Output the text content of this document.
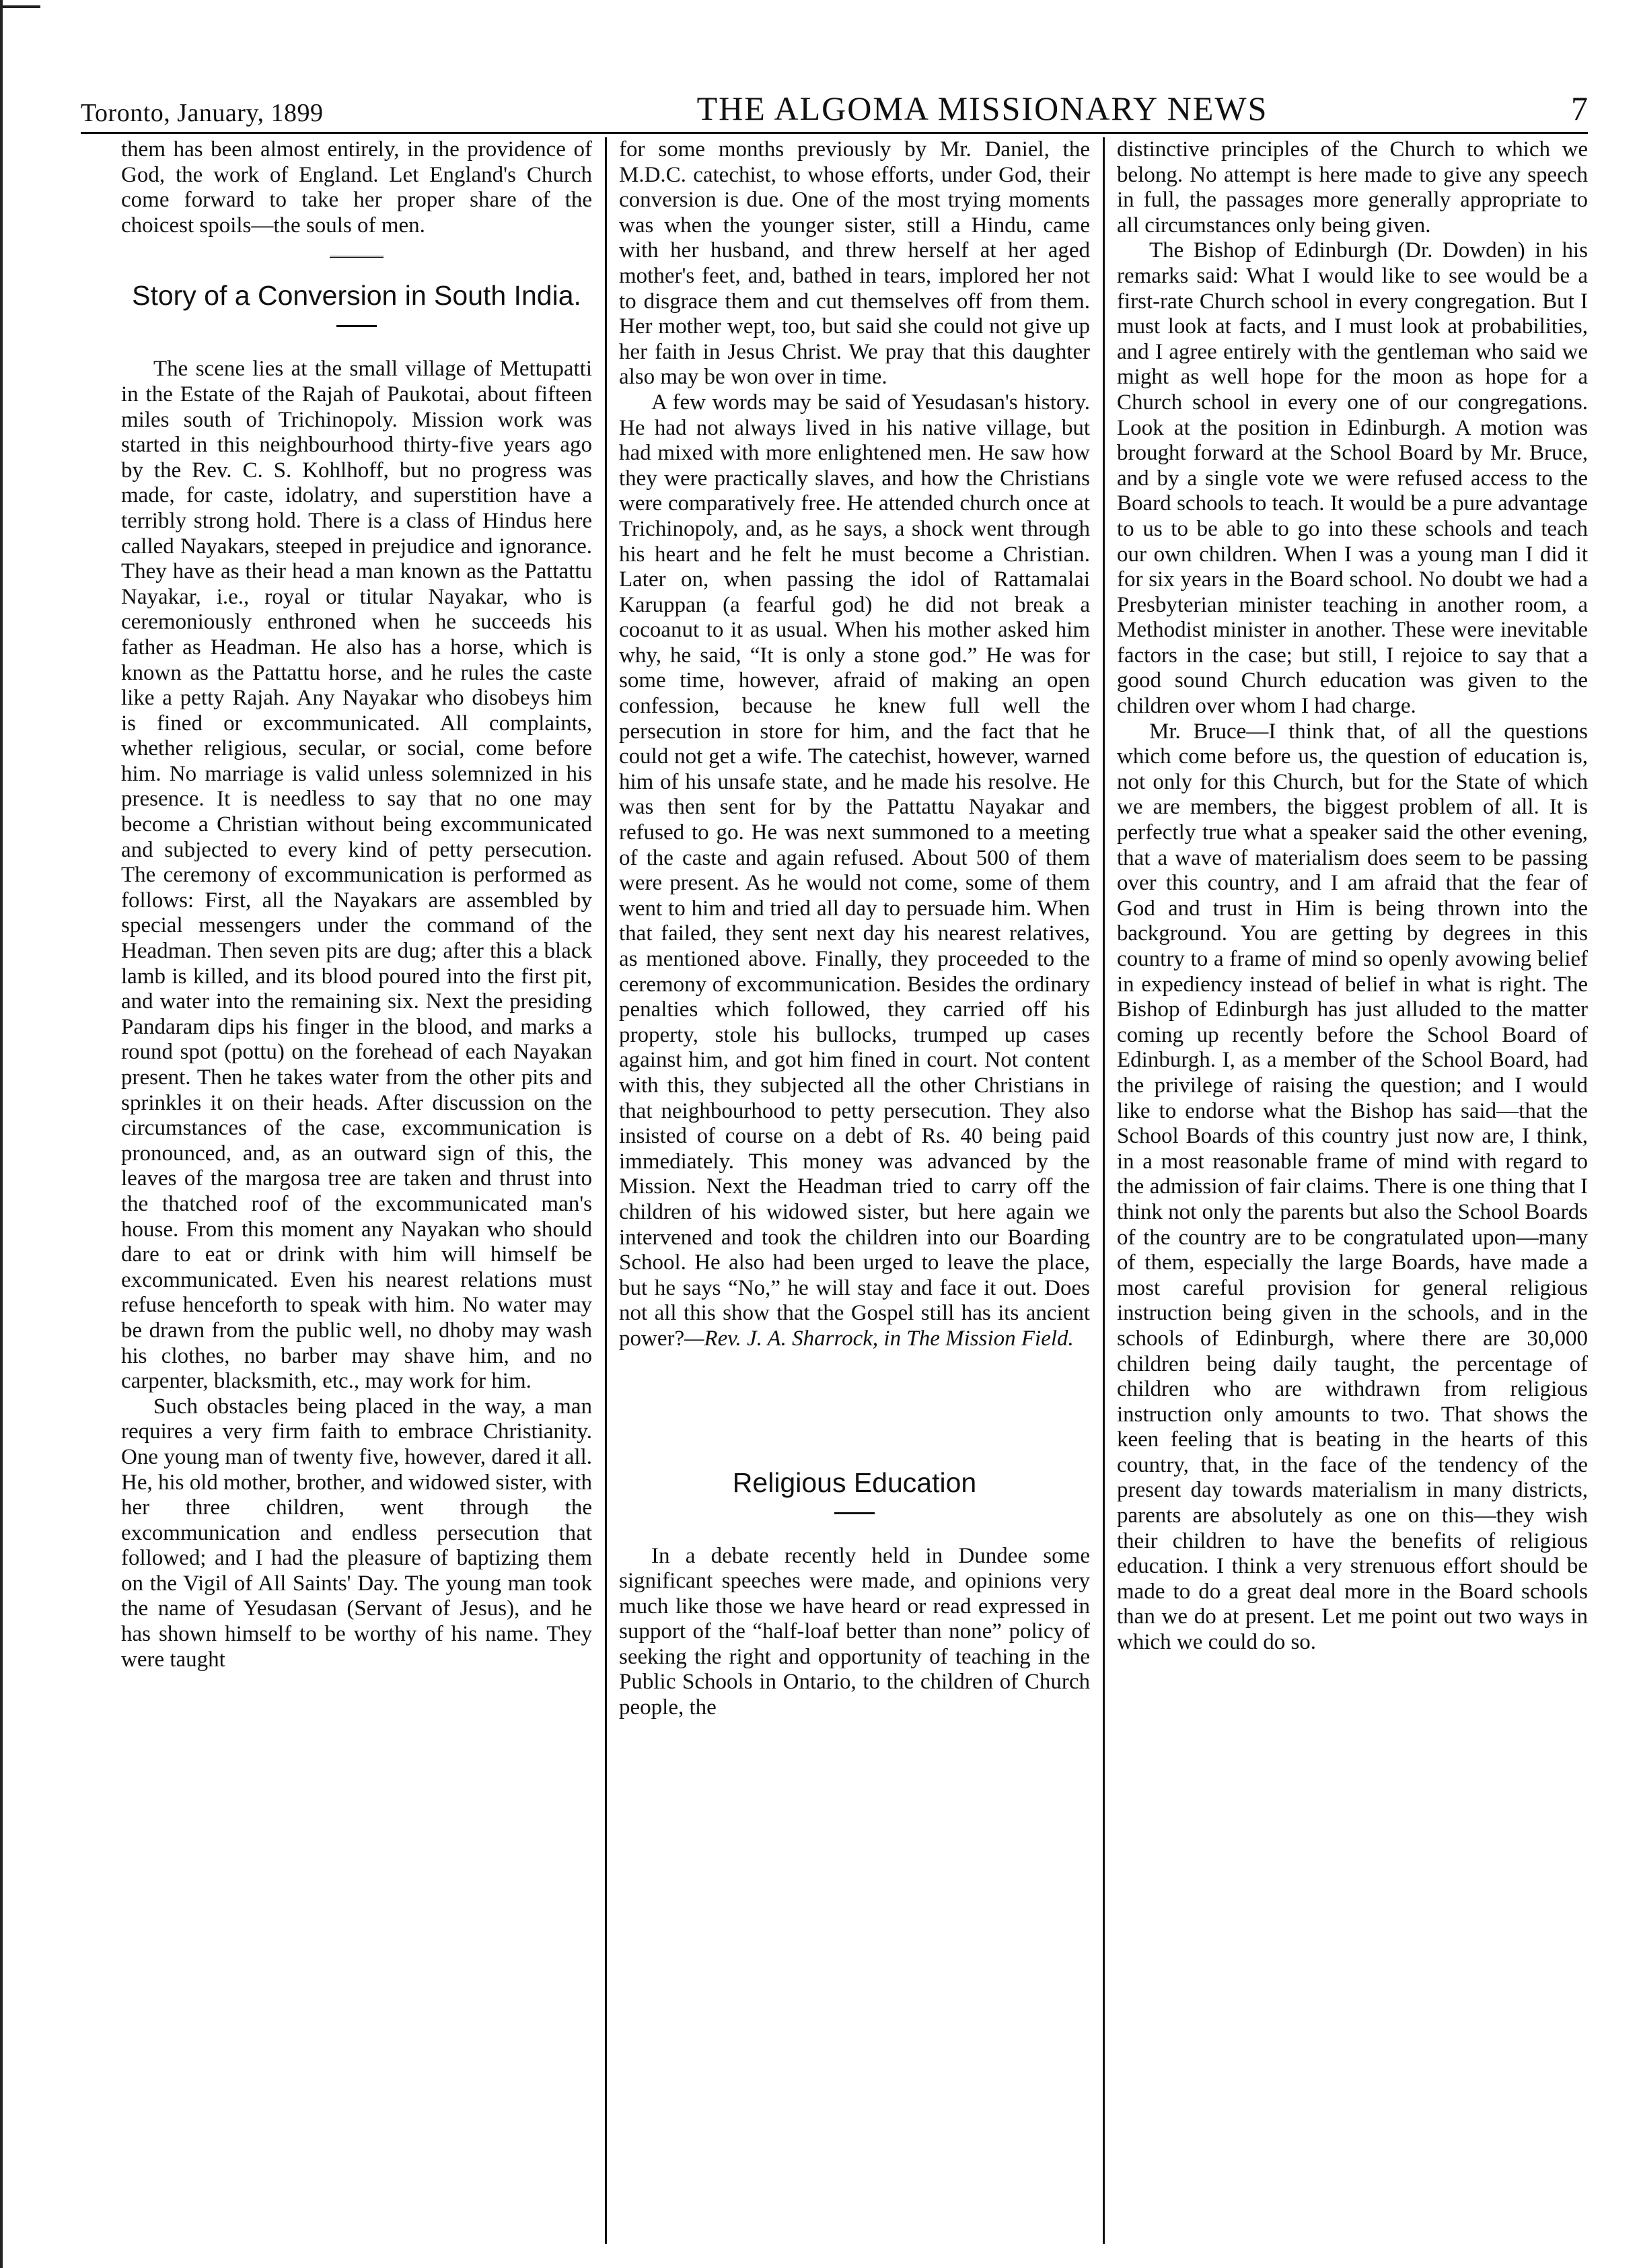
Toronto, January, 1899	THE ALGOMA MISSIONARY NEWS	7

them has been almost entirely, in the providence of God, the work of England. Let England's Church come forward to take her proper share of the choicest spoils—the souls of men.

Story of a Conversion in South India.

The scene lies at the small village of Mettupatti in the Estate of the Rajah of Paukotai, about fifteen miles south of Trichinopoly. Mission work was started in this neighbourhood thirty-five years ago by the Rev. C. S. Kohlhoff, but no progress was made, for caste, idolatry, and superstition have a terribly strong hold. There is a class of Hindus here called Nayakars, steeped in prejudice and ignorance. They have as their head a man known as the Pattattu Nayakar, i.e., royal or titular Nayakar, who is ceremoniously enthroned when he succeeds his father as Headman. He also has a horse, which is known as the Pattattu horse, and he rules the caste like a petty Rajah. Any Nayakar who disobeys him is fined or excommunicated. All complaints, whether religious, secular, or social, come before him. No marriage is valid unless solemnized in his presence. It is needless to say that no one may become a Christian without being excommunicated and subjected to every kind of petty persecution. The ceremony of excommunication is performed as follows: First, all the Nayakars are assembled by special messengers under the command of the Headman. Then seven pits are dug; after this a black lamb is killed, and its blood poured into the first pit, and water into the remaining six. Next the presiding Pandaram dips his finger in the blood, and marks a round spot (pottu) on the forehead of each Nayakan present. Then he takes water from the other pits and sprinkles it on their heads. After discussion on the circumstances of the case, excommunication is pronounced, and, as an outward sign of this, the leaves of the margosa tree are taken and thrust into the thatched roof of the excommunicated man's house. From this moment any Nayakan who should dare to eat or drink with him will himself be excommunicated. Even his nearest relations must refuse henceforth to speak with him. No water may be drawn from the public well, no dhoby may wash his clothes, no barber may shave him, and no carpenter, blacksmith, etc., may work for him.

Such obstacles being placed in the way, a man requires a very firm faith to embrace Christianity. One young man of twenty five, however, dared it all. He, his old mother, brother, and widowed sister, with her three children, went through the excommunication and endless persecution that followed; and I had the pleasure of baptizing them on the Vigil of All Saints' Day. The young man took the name of Yesudasan (Servant of Jesus), and he has shown himself to be worthy of his name. They were taught

for some months previously by Mr. Daniel, the M.D.C. catechist, to whose efforts, under God, their conversion is due. One of the most trying moments was when the younger sister, still a Hindu, came with her husband, and threw herself at her aged mother's feet, and, bathed in tears, implored her not to disgrace them and cut themselves off from them. Her mother wept, too, but said she could not give up her faith in Jesus Christ. We pray that this daughter also may be won over in time.

A few words may be said of Yesudasan's history. He had not always lived in his native village, but had mixed with more enlightened men. He saw how they were practically slaves, and how the Christians were comparatively free. He attended church once at Trichinopoly, and, as he says, a shock went through his heart and he felt he must become a Christian. Later on, when passing the idol of Rattamalai Karuppan (a fearful god) he did not break a cocoanut to it as usual. When his mother asked him why, he said, “It is only a stone god.” He was for some time, however, afraid of making an open confession, because he knew full well the persecution in store for him, and the fact that he could not get a wife. The catechist, however, warned him of his unsafe state, and he made his resolve. He was then sent for by the Pattattu Nayakar and refused to go. He was next summoned to a meeting of the caste and again refused. About 500 of them were present. As he would not come, some of them went to him and tried all day to persuade him. When that failed, they sent next day his nearest relatives, as mentioned above. Finally, they proceeded to the ceremony of excommunication. Besides the ordinary penalties which followed, they carried off his property, stole his bullocks, trumped up cases against him, and got him fined in court. Not content with this, they subjected all the other Christians in that neighbourhood to petty persecution. They also insisted of course on a debt of Rs. 40 being paid immediately. This money was advanced by the Mission. Next the Headman tried to carry off the children of his widowed sister, but here again we intervened and took the children into our Boarding School. He also had been urged to leave the place, but he says “No,” he will stay and face it out. Does not all this show that the Gospel still has its ancient power?—Rev. J. A. Sharrock, in The Mission Field.

Religious Education

In a debate recently held in Dundee some significant speeches were made, and opinions very much like those we have heard or read expressed in support of the “half-loaf better than none” policy of seeking the right and opportunity of teaching in the Public Schools in Ontario, to the children of Church people, the

distinctive principles of the Church to which we belong. No attempt is here made to give any speech in full, the passages more generally appropriate to all circumstances only being given.

The Bishop of Edinburgh (Dr. Dowden) in his remarks said: What I would like to see would be a first-rate Church school in every congregation. But I must look at facts, and I must look at probabilities, and I agree entirely with the gentleman who said we might as well hope for the moon as hope for a Church school in every one of our congregations. Look at the position in Edinburgh. A motion was brought forward at the School Board by Mr. Bruce, and by a single vote we were refused access to the Board schools to teach. It would be a pure advantage to us to be able to go into these schools and teach our own children. When I was a young man I did it for six years in the Board school. No doubt we had a Presbyterian minister teaching in another room, a Methodist minister in another. These were inevitable factors in the case; but still, I rejoice to say that a good sound Church education was given to the children over whom I had charge.

Mr. Bruce—I think that, of all the questions which come before us, the question of education is, not only for this Church, but for the State of which we are members, the biggest problem of all. It is perfectly true what a speaker said the other evening, that a wave of materialism does seem to be passing over this country, and I am afraid that the fear of God and trust in Him is being thrown into the background. You are getting by degrees in this country to a frame of mind so openly avowing belief in expediency instead of belief in what is right. The Bishop of Edinburgh has just alluded to the matter coming up recently before the School Board of Edinburgh. I, as a member of the School Board, had the privilege of raising the question; and I would like to endorse what the Bishop has said—that the School Boards of this country just now are, I think, in a most reasonable frame of mind with regard to the admission of fair claims. There is one thing that I think not only the parents but also the School Boards of the country are to be congratulated upon—many of them, especially the large Boards, have made a most careful provision for general religious instruction being given in the schools, and in the schools of Edinburgh, where there are 30,000 children being daily taught, the percentage of children who are withdrawn from religious instruction only amounts to two. That shows the keen feeling that is beating in the hearts of this country, that, in the face of the tendency of the present day towards materialism in many districts, parents are absolutely as one on this—they wish their children to have the benefits of religious education. I think a very strenuous effort should be made to do a great deal more in the Board schools than we do at present. Let me point out two ways in which we could do so.
